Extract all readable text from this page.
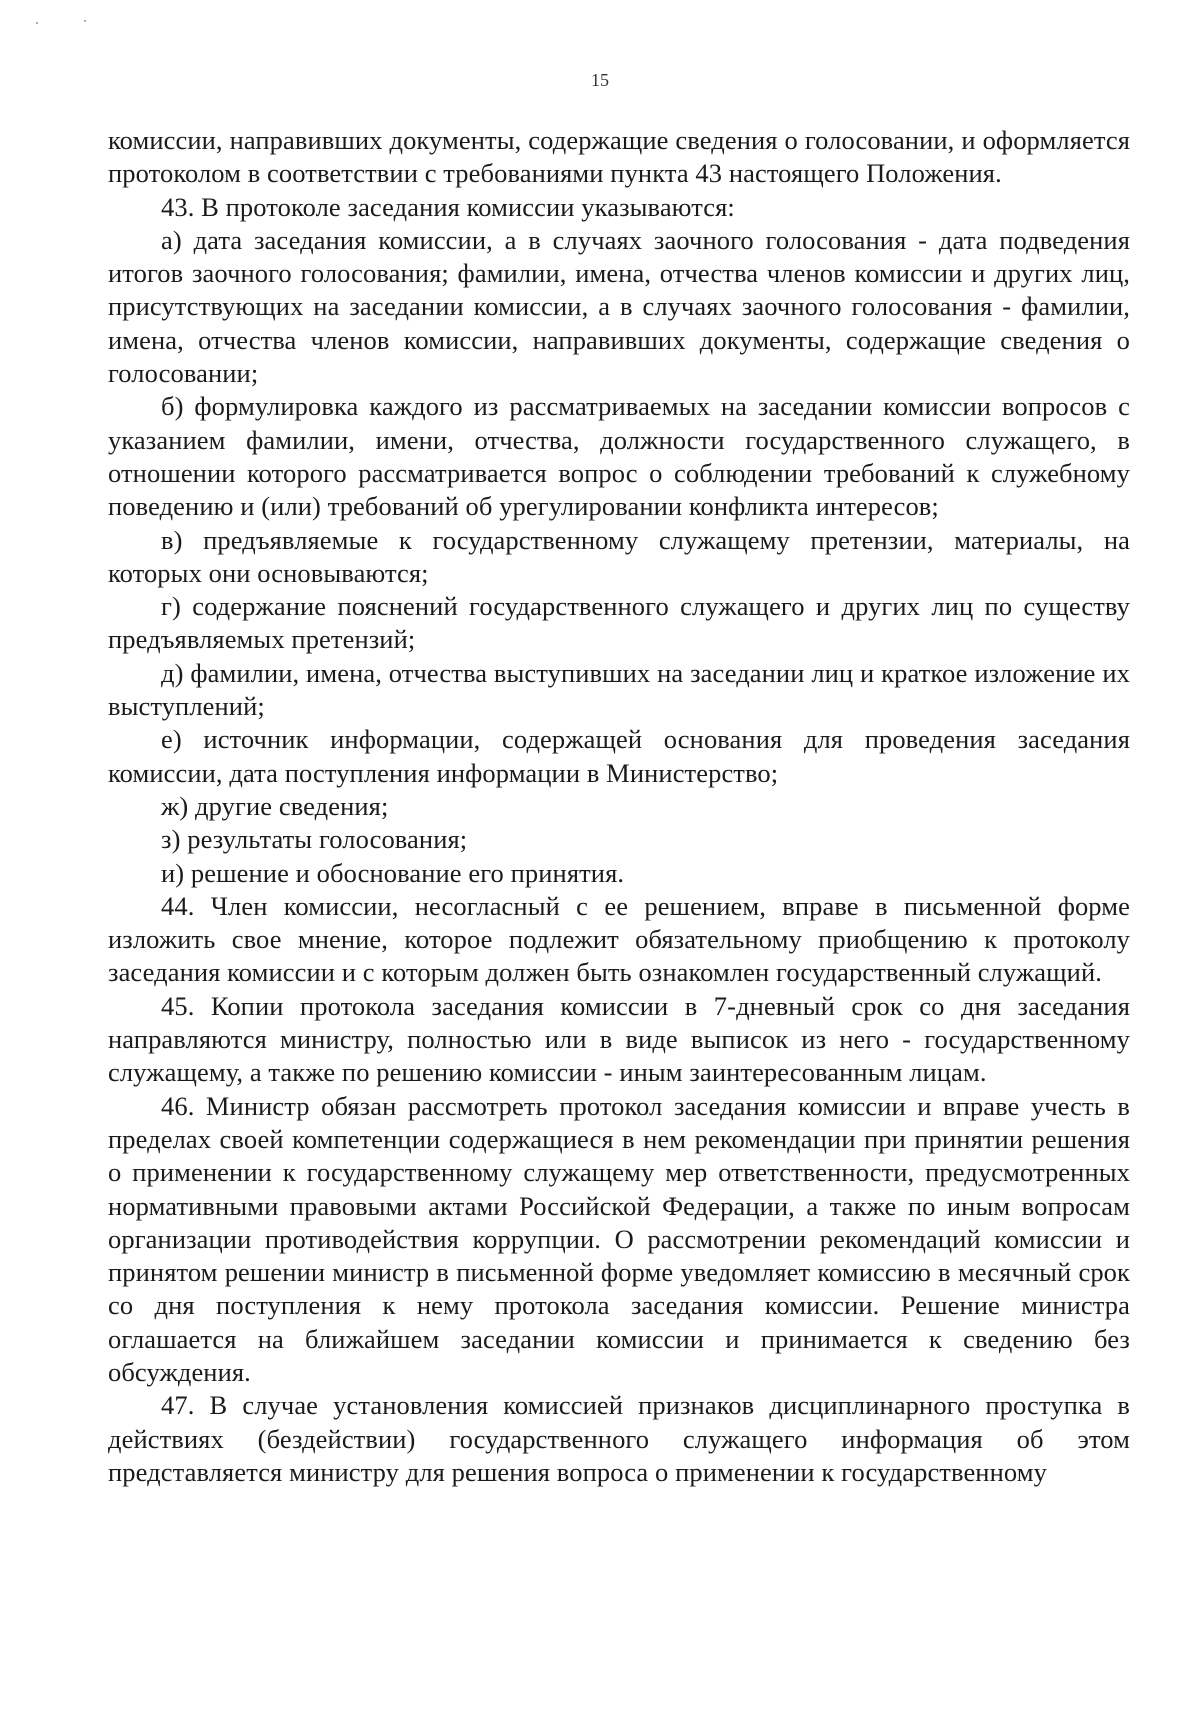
15

комиссии, направивших документы, содержащие сведения о голосовании, и оформляется протоколом в соответствии с требованиями пункта 43 настоящего Положения.

43. В протоколе заседания комиссии указываются:

а) дата заседания комиссии, а в случаях заочного голосования - дата подведения итогов заочного голосования; фамилии, имена, отчества членов комиссии и других лиц, присутствующих на заседании комиссии, а в случаях заочного голосования - фамилии, имена, отчества членов комиссии, направивших документы, содержащие сведения о голосовании;

б) формулировка каждого из рассматриваемых на заседании комиссии вопросов с указанием фамилии, имени, отчества, должности государственного служащего, в отношении которого рассматривается вопрос о соблюдении требований к служебному поведению и (или) требований об урегулировании конфликта интересов;

в) предъявляемые к государственному служащему претензии, материалы, на которых они основываются;

г) содержание пояснений государственного служащего и других лиц по существу предъявляемых претензий;

д) фамилии, имена, отчества выступивших на заседании лиц и краткое изложение их выступлений;

е) источник информации, содержащей основания для проведения заседания комиссии, дата поступления информации в Министерство;

ж) другие сведения;

з) результаты голосования;

и) решение и обоснование его принятия.

44. Член комиссии, несогласный с ее решением, вправе в письменной форме изложить свое мнение, которое подлежит обязательному приобщению к протоколу заседания комиссии и с которым должен быть ознакомлен государственный служащий.

45. Копии протокола заседания комиссии в 7-дневный срок со дня заседания направляются министру, полностью или в виде выписок из него - государственному служащему, а также по решению комиссии - иным заинтересованным лицам.

46. Министр обязан рассмотреть протокол заседания комиссии и вправе учесть в пределах своей компетенции содержащиеся в нем рекомендации при принятии решения о применении к государственному служащему мер ответственности, предусмотренных нормативными правовыми актами Российской Федерации, а также по иным вопросам организации противодействия коррупции. О рассмотрении рекомендаций комиссии и принятом решении министр в письменной форме уведомляет комиссию в месячный срок со дня поступления к нему протокола заседания комиссии. Решение министра оглашается на ближайшем заседании комиссии и принимается к сведению без обсуждения.

47. В случае установления комиссией признаков дисциплинарного проступка в действиях (бездействии) государственного служащего информация об этом представляется министру для решения вопроса о применении к государственному
